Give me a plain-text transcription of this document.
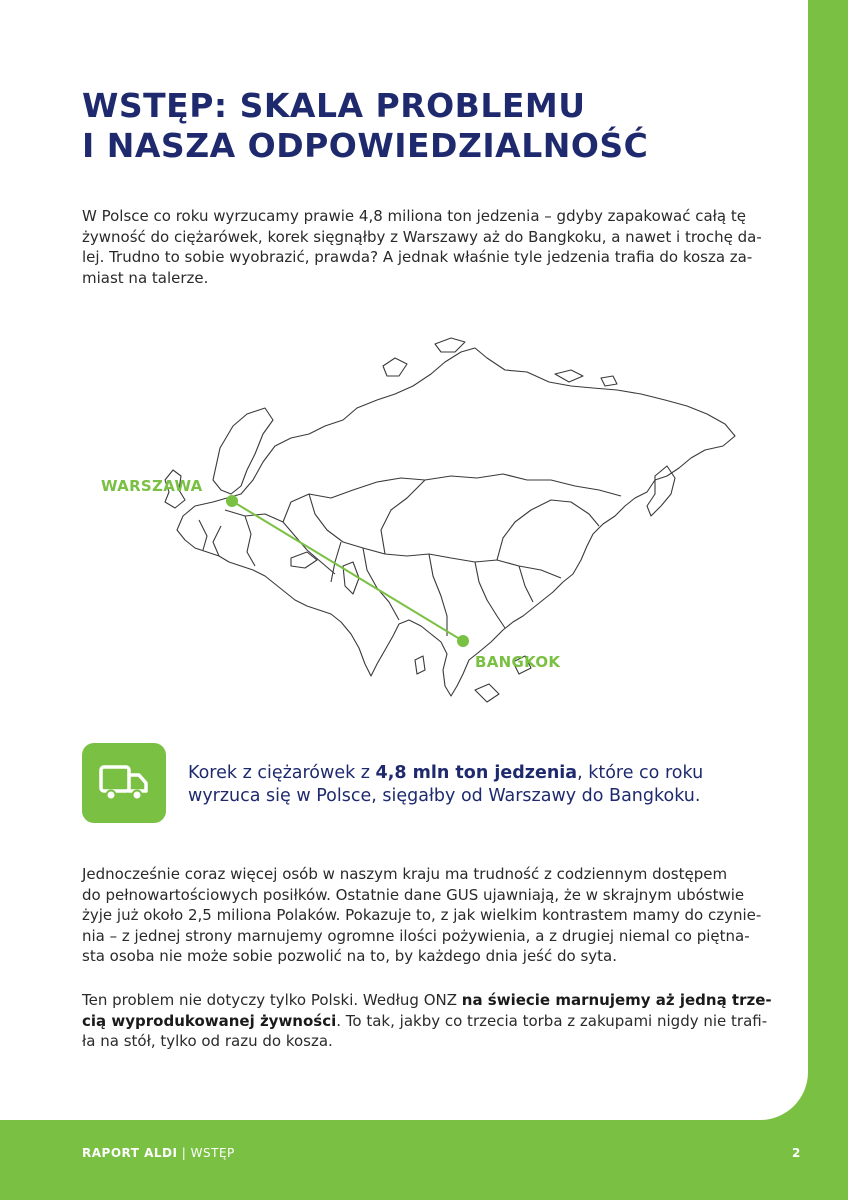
WSTĘP: SKALA PROBLEMU
I NASZA ODPOWIEDZIALNOŚĆ

W Polsce co roku wyrzucamy prawie 4,8 miliona ton jedzenia – gdyby zapakować całą tę
żywność do ciężarówek, korek sięgnąłby z Warszawy aż do Bangkoku, a nawet i trochę da-
lej. Trudno to sobie wyobrazić, prawda? A jednak właśnie tyle jedzenia trafia do kosza za-
miast na talerze.

WARSZAWA
BANGKOK

Korek z ciężarówek z 4,8 mln ton jedzenia, które co roku
wyrzuca się w Polsce, sięgałby od Warszawy do Bangkoku.

Jednocześnie coraz więcej osób w naszym kraju ma trudność z codziennym dostępem
do pełnowartościowych posiłków. Ostatnie dane GUS ujawniają, że w skrajnym ubóstwie
żyje już około 2,5 miliona Polaków. Pokazuje to, z jak wielkim kontrastem mamy do czynie-
nia – z jednej strony marnujemy ogromne ilości pożywienia, a z drugiej niemal co piętna-
sta osoba nie może sobie pozwolić na to, by każdego dnia jeść do syta.

Ten problem nie dotyczy tylko Polski. Według ONZ na świecie marnujemy aż jedną trze-
cią wyprodukowanej żywności. To tak, jakby co trzecia torba z zakupami nigdy nie trafi-
ła na stół, tylko od razu do kosza.

RAPORT ALDI | WSTĘP	2
